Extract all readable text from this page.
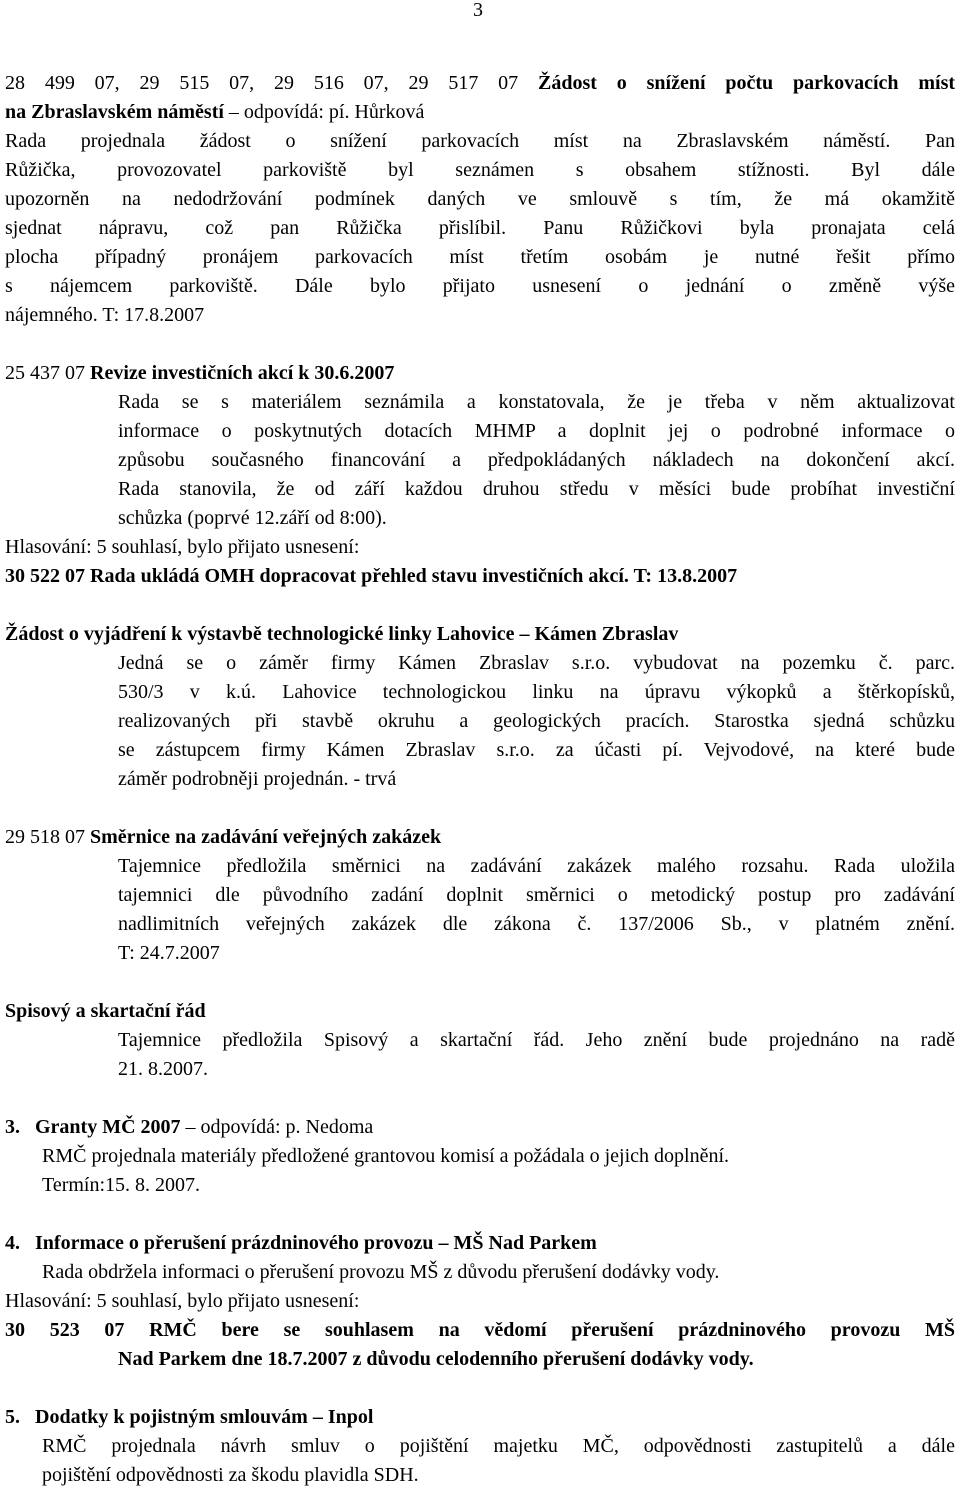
3

28 499 07, 29 515 07, 29 516 07, 29 517 07 Žádost o snížení počtu parkovacích míst

na Zbraslavském náměstí – odpovídá: pí. Hůrková

Rada projednala žádost o snížení parkovacích míst na Zbraslavském náměstí. Pan

Růžička, provozovatel parkoviště byl seznámen s obsahem stížnosti. Byl dále

upozorněn na nedodržování podmínek daných ve smlouvě s tím, že má okamžitě

sjednat nápravu, což pan Růžička přislíbil. Panu Růžičkovi byla pronajata celá

plocha případný pronájem parkovacích míst třetím osobám je nutné řešit přímo

s nájemcem parkoviště. Dále bylo přijato usnesení o jednání o změně výše

nájemného. T: 17.8.2007

25 437 07 Revize investičních akcí k 30.6.2007

Rada se s materiálem seznámila a konstatovala, že je třeba v něm aktualizovat

informace o poskytnutých dotacích MHMP a doplnit jej o podrobné informace o

způsobu současného financování a předpokládaných nákladech na dokončení akcí.

Rada stanovila, že od září každou druhou středu v měsíci bude probíhat investiční

schůzka (poprvé 12.září od 8:00).

Hlasování: 5 souhlasí, bylo přijato usnesení:

30 522 07 Rada ukládá OMH dopracovat přehled stavu investičních akcí. T: 13.8.2007

Žádost o vyjádření k výstavbě technologické linky Lahovice – Kámen Zbraslav

Jedná se o záměr firmy Kámen Zbraslav s.r.o. vybudovat na pozemku č. parc.

530/3 v k.ú. Lahovice technologickou linku na úpravu výkopků a štěrkopísků,

realizovaných při stavbě okruhu a geologických pracích. Starostka sjedná schůzku

se zástupcem firmy Kámen Zbraslav s.r.o. za účasti pí. Vejvodové, na které bude

záměr podrobněji projednán. - trvá

29 518 07 Směrnice na zadávání veřejných zakázek

Tajemnice předložila směrnici na zadávání zakázek malého rozsahu. Rada uložila

tajemnici dle původního zadání doplnit směrnici o metodický postup pro zadávání

nadlimitních veřejných zakázek dle zákona č. 137/2006 Sb., v platném znění.

T: 24.7.2007

Spisový a skartační řád

Tajemnice předložila Spisový a skartační řád. Jeho znění bude projednáno na radě

21. 8.2007.

3. Granty MČ 2007 – odpovídá: p. Nedoma

RMČ projednala materiály předložené grantovou komisí a požádala o jejich doplnění.

Termín:15. 8. 2007.

4. Informace o přerušení prázdninového provozu – MŠ Nad Parkem

Rada obdržela informaci o přerušení provozu MŠ z důvodu přerušení dodávky vody.

Hlasování: 5 souhlasí, bylo přijato usnesení:

30 523 07 RMČ bere se souhlasem na vědomí přerušení prázdninového provozu MŠ

Nad Parkem dne 18.7.2007 z důvodu celodenního přerušení dodávky vody.

5. Dodatky k pojistným smlouvám – Inpol

RMČ projednala návrh smluv o pojištění majetku MČ, odpovědnosti zastupitelů a dále

pojištění odpovědnosti za škodu plavidla SDH.
